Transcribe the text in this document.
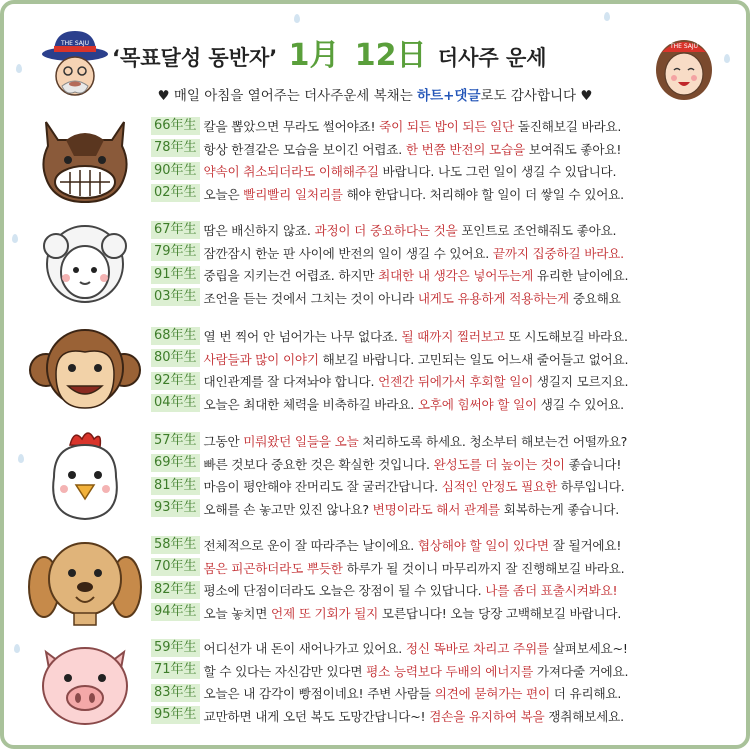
THE SAJU
‘목표달성 동반자’ 1月 12日 더사주 운세	THE SAJU
♥ 매일 아침을 열어주는 더사주운세 복채는 하트+댓글로도 감사합니다 ♥
66年生 칼을 뽑았으면 무라도 썰어야죠! 죽이 되든 밥이 되든 일단 돌진해보길 바라요.
78年生 항상 한결같은 모습을 보이긴 어렵죠. 한 번쯤 반전의 모습을 보여줘도 좋아요!
90年生 약속이 취소되더라도 이해해주길 바랍니다. 나도 그런 일이 생길 수 있답니다.
02年生 오늘은 빨리빨리 일처리를 해야 한답니다. 처리해야 할 일이 더 쌓일 수 있어요.
67年生 땀은 배신하지 않죠. 과정이 더 중요하다는 것을 포인트로 조언해줘도 좋아요.
79年生 잠깐잠시 한눈 판 사이에 반전의 일이 생길 수 있어요. 끝까지 집중하길 바라요.
91年生 중립을 지키는건 어렵죠. 하지만 최대한 내 생각은 넣어두는게 유리한 날이에요.
03年生 조언을 듣는 것에서 그치는 것이 아니라 내게도 유용하게 적용하는게 중요해요
68年生 열 번 찍어 안 넘어가는 나무 없다죠. 될 때까지 찔러보고 또 시도해보길 바라요.
80年生 사람들과 많이 이야기 해보길 바랍니다. 고민되는 일도 어느새 줄어들고 없어요.
92年生 대인관계를 잘 다져놔야 합니다. 언젠간 뒤에가서 후회할 일이 생길지 모르지요.
04年生 오늘은 최대한 체력을 비축하길 바라요. 오후에 힘써야 할 일이 생길 수 있어요.
57年生 그동안 미뤄왔던 일들을 오늘 처리하도록 하세요. 청소부터 해보는건 어떨까요?
69年生 빠른 것보다 중요한 것은 확실한 것입니다. 완성도를 더 높이는 것이 좋습니다!
81年生 마음이 평안해야 잔머리도 잘 굴러간답니다. 심적인 안정도 필요한 하루입니다.
93年生 오해를 손 놓고만 있진 않나요? 변명이라도 해서 관계를 회복하는게 좋습니다.
58年生 전체적으로 운이 잘 따라주는 날이에요. 협상해야 할 일이 있다면 잘 될거에요!
70年生 몸은 피곤하더라도 뿌듯한 하루가 될 것이니 마무리까지 잘 진행해보길 바라요.
82年生 평소에 단점이더라도 오늘은 장점이 될 수 있답니다. 나를 좀더 표출시켜봐요!
94年生 오늘 놓치면 언제 또 기회가 될지 모른답니다! 오늘 당장 고백해보길 바랍니다.
59年生 어디선가 내 돈이 새어나가고 있어요. 정신 똑바로 차리고 주위를 살펴보세요~!
71年生 할 수 있다는 자신감만 있다면 평소 능력보다 두배의 에너지를 가져다줄 거에요.
83年生 오늘은 내 감각이 빵점이네요! 주변 사람들 의견에 묻혀가는 편이 더 유리해요.
95年生 교만하면 내게 오던 복도 도망간답니다~! 겸손을 유지하여 복을 쟁취해보세요.
